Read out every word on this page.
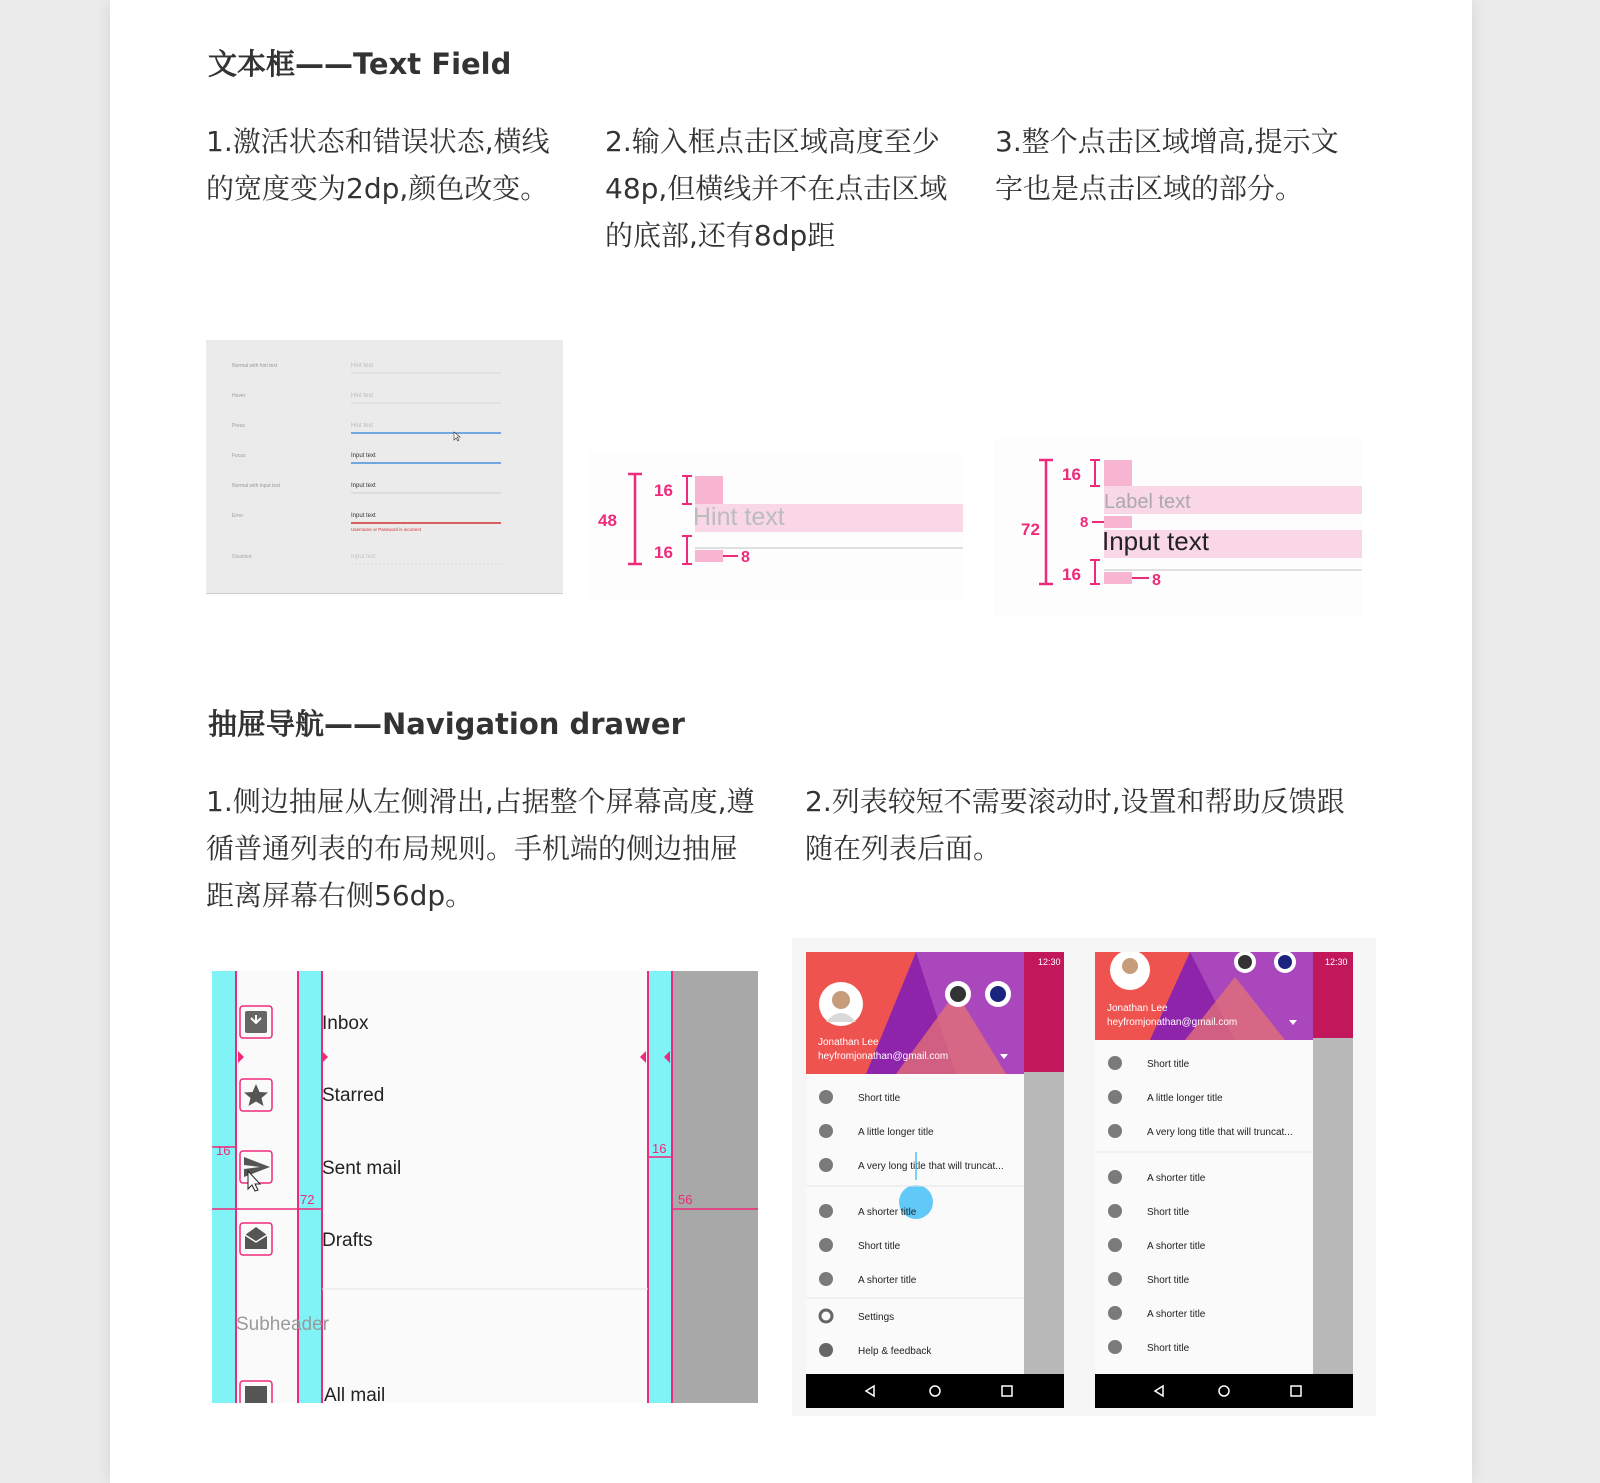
文本框——Text Field
1.激活状态和错误状态,横线的宽度变为2dp,颜色改变。
2.输入框点击区域高度至少48p,但横线并不在点击区域的底部,还有8dp距
3.整个点击区域增高,提示文字也是点击区域的部分。
Normal with hint text	Hint text
Hover	Hint text
Press	Hint text
Focus	Input text
Normal with input text	Input text
Error	Input text
Username or Password is incorrect
Disabled	Input text
48
16
Hint text
16	8
72
16
Label text
8
Input text
16	8
抽屉导航——Navigation drawer
1.侧边抽屉从左侧滑出,占据整个屏幕高度,遵循普通列表的布局规则。手机端的侧边抽屉距离屏幕右侧56dp。
2.列表较短不需要滚动时,设置和帮助反馈跟随在列表后面。
16
72
16
56
Inbox
Starred
Sent mail
Drafts
Subheader
All mail
12:30
Jonathan Lee
heyfromjonathan@gmail.com
Short title
A little longer title
A very long title that will truncat...
A shorter title
Short title
A shorter title
Settings
Help & feedback
12:30
Jonathan Lee
heyfromjonathan@gmail.com
Short title
A little longer title
A very long title that will truncat...
A shorter title
Short title
A shorter title
Short title
A shorter title
Short title
